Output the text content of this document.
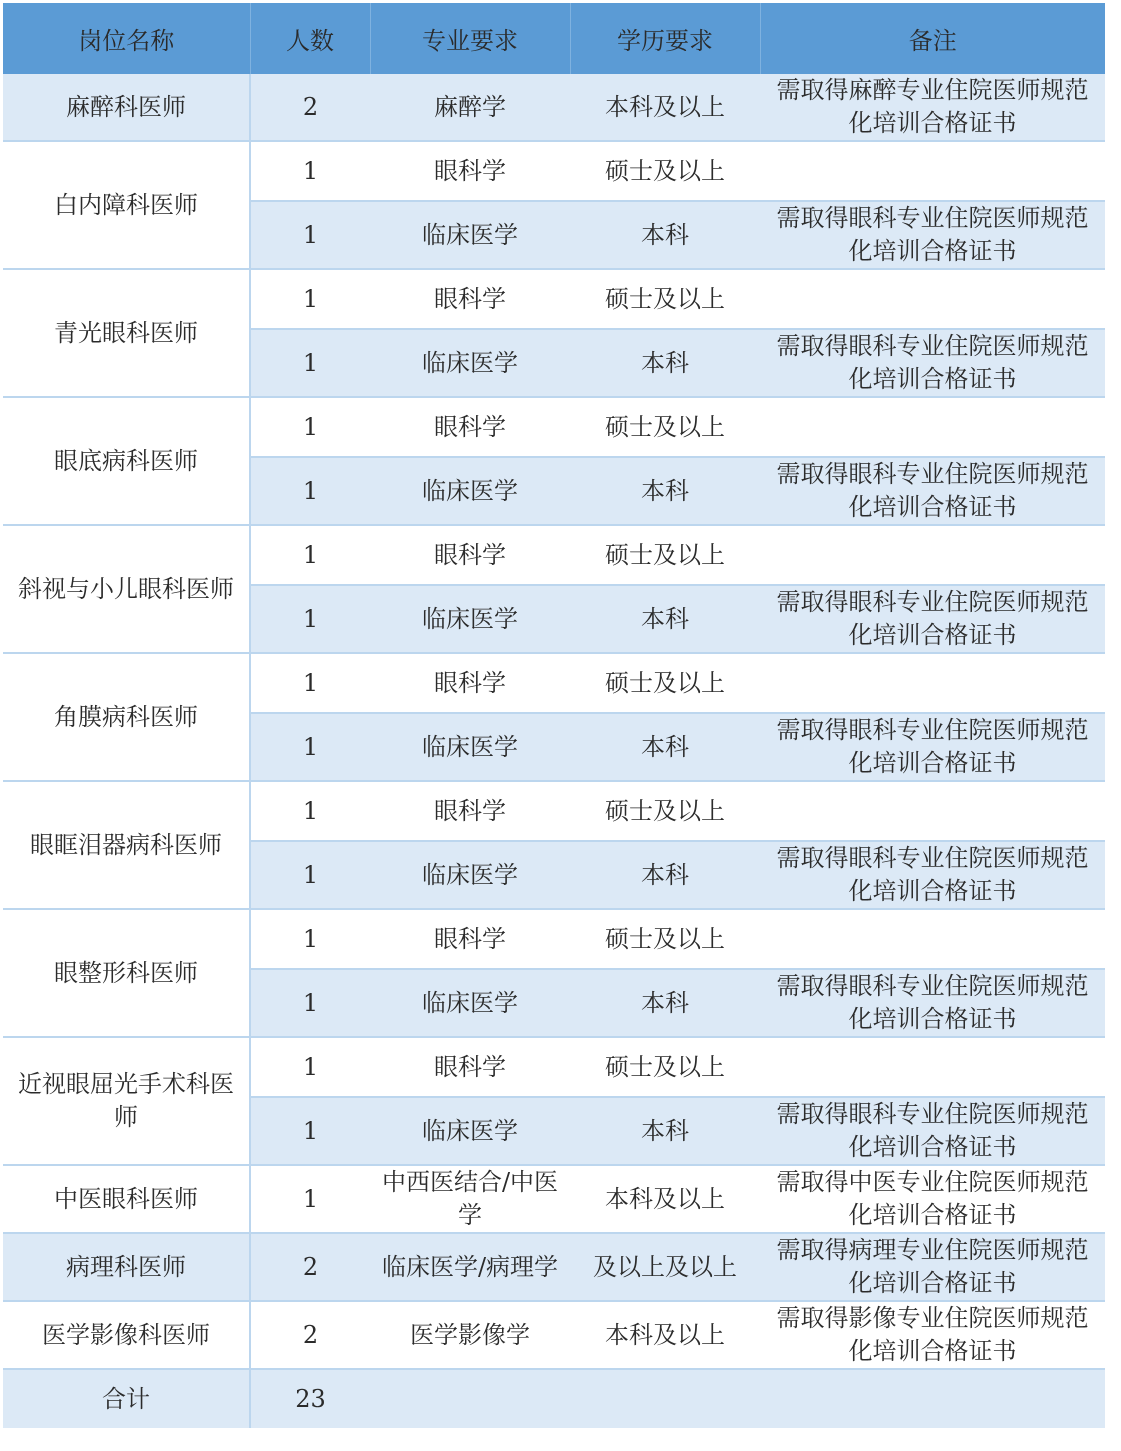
岗位名称	人数	专业要求	学历要求	备注
麻醉科医师	2	麻醉学	本科及以上	需取得麻醉专业住院医师规范化培训合格证书
白内障科医师	1	眼科学	硕士及以上	
	1	临床医学	本科	需取得眼科专业住院医师规范化培训合格证书
青光眼科医师	1	眼科学	硕士及以上	
	1	临床医学	本科	需取得眼科专业住院医师规范化培训合格证书
眼底病科医师	1	眼科学	硕士及以上	
	1	临床医学	本科	需取得眼科专业住院医师规范化培训合格证书
斜视与小儿眼科医师	1	眼科学	硕士及以上	
	1	临床医学	本科	需取得眼科专业住院医师规范化培训合格证书
角膜病科医师	1	眼科学	硕士及以上	
	1	临床医学	本科	需取得眼科专业住院医师规范化培训合格证书
眼眶泪器病科医师	1	眼科学	硕士及以上	
	1	临床医学	本科	需取得眼科专业住院医师规范化培训合格证书
眼整形科医师	1	眼科学	硕士及以上	
	1	临床医学	本科	需取得眼科专业住院医师规范化培训合格证书
近视眼屈光手术科医师	1	眼科学	硕士及以上	
	1	临床医学	本科	需取得眼科专业住院医师规范化培训合格证书
中医眼科医师	1	中西医结合/中医学	本科及以上	需取得中医专业住院医师规范化培训合格证书
病理科医师	2	临床医学/病理学	及以上及以上	需取得病理专业住院医师规范化培训合格证书
医学影像科医师	2	医学影像学	本科及以上	需取得影像专业住院医师规范化培训合格证书
合计	23			
